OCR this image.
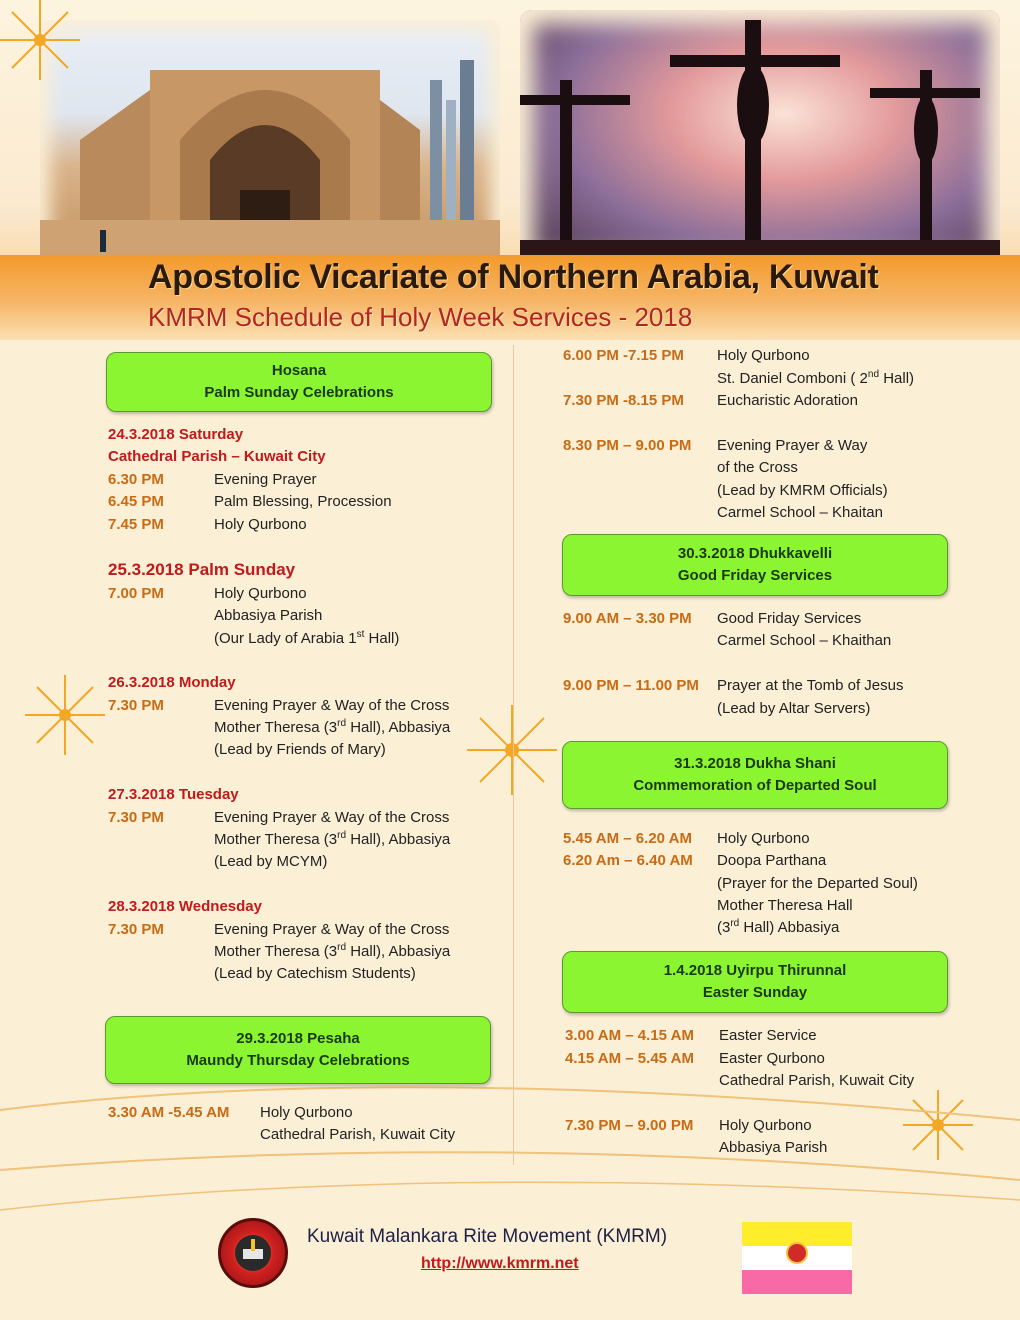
Apostolic Vicariate of Northern Arabia, Kuwait
KMRM Schedule of Holy Week Services - 2018
Hosana
Palm Sunday Celebrations
24.3.2018 Saturday
Cathedral Parish – Kuwait City
6.30 PM	Evening Prayer
6.45 PM	Palm Blessing, Procession
7.45 PM	Holy Qurbono
25.3.2018 Palm Sunday
7.00 PM	Holy Qurbono
Abbasiya Parish
(Our Lady of Arabia 1st Hall)
26.3.2018 Monday
7.30 PM	Evening Prayer & Way of the Cross
Mother Theresa (3rd Hall), Abbasiya
(Lead by Friends of Mary)
27.3.2018 Tuesday
7.30 PM	Evening Prayer & Way of the Cross
Mother Theresa (3rd Hall), Abbasiya
(Lead by MCYM)
28.3.2018 Wednesday
7.30 PM	Evening Prayer & Way of the Cross
Mother Theresa (3rd Hall), Abbasiya
(Lead by Catechism Students)
29.3.2018 Pesaha
Maundy Thursday Celebrations
3.30 AM -5.45 AM Holy Qurbono
Cathedral Parish, Kuwait City
6.00 PM -7.15 PM Holy Qurbono
St. Daniel Comboni ( 2nd Hall)
7.30 PM -8.15 PM Eucharistic Adoration
8.30 PM – 9.00 PM Evening Prayer & Way
of the Cross
(Lead by KMRM Officials)
Carmel School – Khaitan
30.3.2018 Dhukkavelli
Good Friday Services
9.00 AM – 3.30 PM Good Friday Services
Carmel School – Khaithan
9.00 PM – 11.00 PM Prayer at the Tomb of Jesus
(Lead by Altar Servers)
31.3.2018 Dukha Shani
Commemoration of Departed Soul
5.45 AM – 6.20 AM Holy Qurbono
6.20 Am – 6.40 AM Doopa Parthana
(Prayer for the Departed Soul)
Mother Theresa Hall
(3rd Hall) Abbasiya
1.4.2018 Uyirpu Thirunnal
Easter Sunday
3.00 AM – 4.15 AM Easter Service
4.15 AM – 5.45 AM Easter Qurbono
Cathedral Parish, Kuwait City
7.30 PM – 9.00 PM Holy Qurbono
Abbasiya Parish
Kuwait Malankara Rite Movement (KMRM)
http://www.kmrm.net
